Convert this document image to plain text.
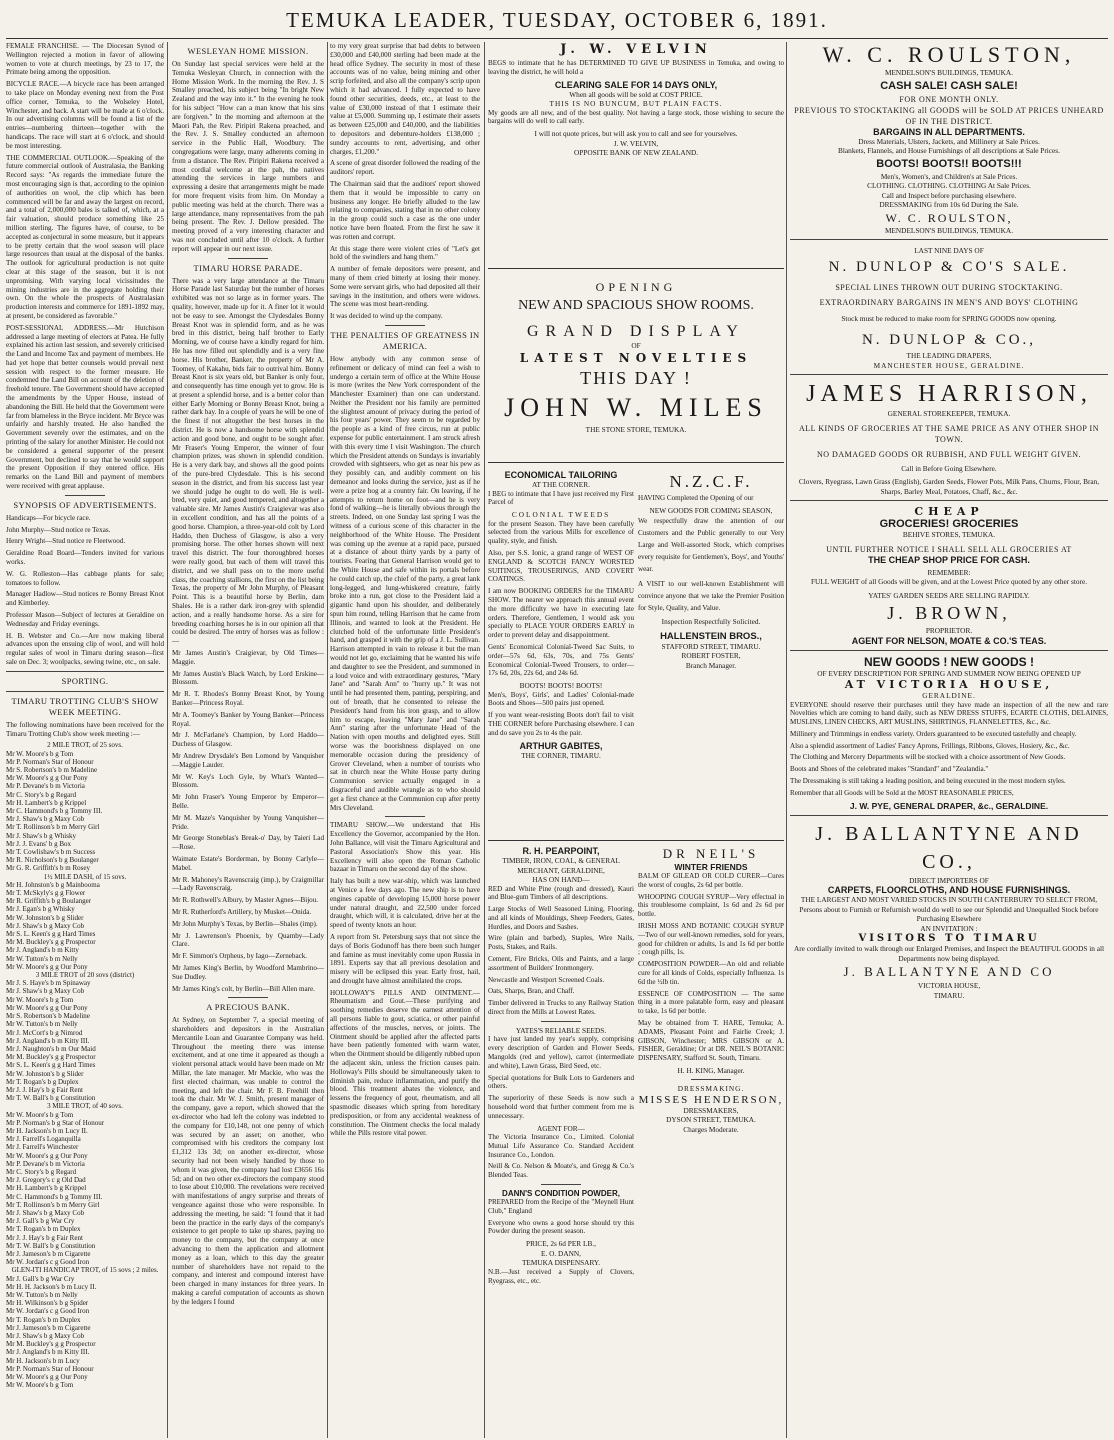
TEMUKA LEADER, TUESDAY, OCTOBER 6, 1891.

FEMALE FRANCHISE. — The Diocesan Synod of Wellington rejected a motion in favor of allowing women to vote at church meetings, by 23 to 17, the Primate being among the opposition.

BICYCLE RACE.—A bicycle race has been arranged to take place on Monday evening next from the Post office corner, Temuka, to the Wolseley Hotel, Winchester, and back. A start will be made at 6 o'clock. In our advertising columns will be found a list of the entries—numbering thirteen—together with the handicaps. The race will start at 6 o'clock, and should be most interesting.

THE COMMERCIAL OUTLOOK.—Speaking of the future commercial outlook of Australasia, the Banking Record says: "As regards the immediate future the most encouraging sign is that, according to the opinion of authorities on wool, the clip which has been commenced will be far and away the largest on record, and a total of 2,000,000 bales is talked of, which, at a fair valuation, should produce something like 25 million sterling. The figures have, of course, to be accepted as conjectural in some measure, but it appears to be pretty certain that the wool season will place large resources than usual at the disposal of the banks. The outlook for agricultural production is not quite clear at this stage of the season, but it is not unpromising. With varying local vicissitudes the mining industries are in the aggregate holding their own. On the whole the prospects of Australasian production interests and commerce for 1891-1892 may, at present, be considered as favorable."

POST-SESSIONAL ADDRESS.—Mr Hutchison addressed a large meeting of electors at Patea. He fully explained his action last session, and severely criticised the Land and Income Tax and payment of members. He had yet hope that better counsels would prevail next session with respect to the former measure. He condemned the Land Bill on account of the deletion of freehold tenure. The Government should have accepted the amendments by the Upper House, instead of abandoning the Bill. He held that the Government were far from blameless in the Bryce incident. Mr Bryce was unfairly and harshly treated. He also handled the Government severely over the estimates, and on the printing of the salary for another Minister. He could not be considered a general supporter of the present Government, but declined to say that he would support the present Opposition if they entered office. His remarks on the Land Bill and payment of members were received with great applause.

SYNOPSIS OF ADVERTISEMENTS.

Handicaps—For bicycle race.

John Murphy—Stud notice re Texas.

Henry Wright—Stud notice re Fleetwood.

Geraldine Road Board—Tenders invited for various works.

W. G. Rolleston—Has cabbage plants for sale; tomatoes to follow.

Manager Hadlow—Stud notices re Bonny Breast Knot and Kimberley.

Professor Mason—Subject of lectures at Geraldine on Wednesday and Friday evenings.

H. B. Webster and Co.—Are now making liberal advances upon the ensuing clip of wool, and will hold regular sales of wool in Timaru during season—first sale on Dec. 3; woolpacks, sewing twine, etc., on sale.

SPORTING.
TIMARU TROTTING CLUB'S SHOW WEEK MEETING.

The following nominations have been received for the Timaru Trotting Club's show week meeting :—

2 MILE TROT, of 25 sovs.

Mr W. Moore's b g Tom

Mr P. Norman's Star of Honour

Mr S. Robertson's b m Madeline

Mr W. Moore's g g Our Pony

Mr P. Devane's b m Victoria

Mr C. Story's b g Regard

Mr H. Lambert's b g Krippel

Mr C. Hammond's b g Tommy III.

Mr J. Shaw's b g Maxy Cob

Mr T. Rollinson's b m Merry Girl

Mr J. Shaw's b g Whisky

Mr J. J. Evans' b g Box

Mr T. Cowlishaw's b m Success

Mr R. Nicholson's b g Boulanger

Mr G. R. Griffith's b m Rosey

1½ MILE DASH, of 15 sovs.

Mr H. Johnston's b g Mainbooma

Mr T. McSkyly's g g Flower

Mr R. Griffith's b g Boulanger

Mr J. Egan's b g Whisky

Mr W. Johnston's b g Slider

Mr J. Shaw's b g Maxy Cob

Mr S. L. Keen's g g Hard Times

Mr M. Buckley's g g Prospector

Mr J. Angland's b m Kitty

Mr W. Tutton's b m Nelly

Mr W. Moore's g g Our Pony

3 MILE TROT of 20 sovs (district)

Mr J. S. Haye's b m Spinaway

Mr J. Shaw's b g Maxy Cob

Mr W. Moore's b g Tom

Mr W. Moore's g g Our Pony

Mr S. Robertson's b Madeline

Mr W. Tutton's b m Nelly

Mr J. McCort's b g Nimrod

Mr J. Angland's b m Kitty III.

Mr J. Naughton's b m Our Maid

Mr M. Buckley's g g Prospector

Mr S. L. Keen's g g Hard Times

Mr W. Johnston's b g Slider

Mr T. Rogan's b g Duplex

Mr J. J. Hay's b g Fair Rent

Mr T. W. Ball's b g Constitution

3 MILE TROT, of 40 sovs.

Mr W. Moore's b g Tom

Mr P. Norman's b g Star of Honour

Mr H. Jackson's b m Lucy II.

Mr J. Farrell's Loganquilla

Mr J. Farrell's Winchester

Mr W. Moore's g g Our Pony

Mr P. Devane's b m Victoria

Mr C. Story's b g Regard

Mr J. Gregory's c g Old Dad

Mr H. Lambert's b g Krippel

Mr C. Hammond's b g Tommy III.

Mr T. Rollinson's b m Merry Girl

Mr J. Shaw's b g Maxy Cob

Mr J. Gall's b g War Cry

Mr T. Rogan's b m Duplex

Mr J. J. Hay's b g Fair Rent

Mr T. W. Ball's b g Constitution

Mr J. Jameson's b m Cigarette

Mr W. Jordan's c g Good Iron

GLEN-ITI HANDICAP TROT, of 15 sovs ; 2 miles.

Mr J. Gall's b g War Cry

Mr H. H. Jackson's b m Lucy II.

Mr W. Tutton's b m Nelly

Mr H. Wilkinson's b g Spider

Mr W. Jordan's c g Good Iron

Mr T. Rogan's b m Duplex

Mr J. Jameson's b m Cigarette

Mr J. Shaw's b g Maxy Cob

Mr M. Buckley's g g Prospector

Mr J. Angland's b m Kitty III.

Mr H. Jackson's b m Lucy

Mr P. Norman's Star of Honour

Mr W. Moore's g g Our Pony

Mr W. Moore's b g Tom

WESLEYAN HOME MISSION.

On Sunday last special services were held at the Temuka Wesleyan Church, in connection with the Home Mission Work. In the morning the Rev. J. S Smalley preached, his subject being "In bright New Zealand and the way into it." In the evening he took for his subject "How can a man know that his sins are forgiven." In the morning and afternoon at the Maori Pah, the Rev. Piripiri Rakena preached, and the Rev. J. S. Smalley conducted an afternoon service in the Public Hall, Woodbury. The congregations were large, many adherents coming in from a distance. The Rev. Piripiri Rakena received a most cordial welcome at the pah, the natives attending the services in large numbers and expressing a desire that arrangements might be made for more frequent visits from him. On Monday a public meeting was held at the church. There was a large attendance, many representatives from the pah being present. The Rev. J. Dellow presided. The meeting proved of a very interesting character and was not concluded until after 10 o'clock. A further report will appear in our next issue.

TIMARU HORSE PARADE.

There was a very large attendance at the Timaru Horse Parade last Saturday but the number of horses exhibited was not so large as in former years. The quality, however, made up for it. A finer lot it would not be easy to see. Amongst the Clydesdales Bonny Breast Knot was in splendid form, and as he was bred in this district, being half brother to Early Morning, we of course have a kindly regard for him. He has now filled out splendidly and is a very fine horse. His brother, Banker, the property of Mr A. Toomey, of Kakahu, bids fair to outrival him. Bonny Breast Knot is six years old, but Banker is only four, and consequently has time enough yet to grow. He is at present a splendid horse, and is a better color than either Early Morning or Bonny Breast Knot, being a rather dark bay. In a couple of years he will be one of the finest if not altogether the best horses in the district. He is now a handsome horse with splendid action and good bone, and ought to be sought after. Mr Fraser's Young Emperor, the winner of four champion prizes, was shown in splendid condition. He is a very dark bay, and shows all the good points of the pure-bred Clydesdale. This is his second season in the district, and from his success last year we should judge he ought to do well. He is well-bred, very quiet, and good tempered, and altogether a valuable sire. Mr James Austin's Craigievar was also in excellent condition, and has all the points of a good horse. Champion, a three-year-old colt by Lord Haddo, then Duchess of Glasgow, is also a very promising horse. The other horses shown will next travel this district. The four thoroughbred horses were really good, but each of them will travel this district, and we shall pass on to the more useful class, the coaching stallions, the first on the list being Texas, the property of Mr John Murphy, of Pleasant Point. This is a beautiful horse by Berlin, dam Shales. He is a rather dark iron-grey with splendid action, and a really handsome horse. As a sire for breeding coaching horses he is in our opinion all that could be desired. The entry of horses was as follow :—

Mr James Austin's Craigievar, by Old Times—Maggie.

Mr James Austin's Black Watch, by Lord Erskine—Blossom.

Mr R. T. Rhodes's Bonny Breast Knot, by Young Banker—Princess Royal.

Mr A. Toomey's Banker by Young Banker—Princess Royal.

Mr J. McFarlane's Champion, by Lord Haddo—Duchess of Glasgow.

Mr Andrew Drysdale's Ben Lomond by Vanquisher—Maggie Lauder.

Mr W. Key's Loch Gyle, by What's Wanted—Blossom.

Mr John Fraser's Young Emperor by Emperor—Belle.

Mr M. Maze's Vanquisher by Young Vanquisher—Pride.

Mr George Stoneblas's Break-o' Day, by Taieri Lad—Rose.

Waimate Estate's Borderman, by Bonny Carlyle—Mabel.

Mr R. Mahoney's Ravenscraig (imp.), by Craigmillar—Lady Ravenscraig.

Mr R. Rothwell's Albury, by Master Agnes—Bijou.

Mr R. Rutherford's Artillery, by Musket—Onida.

Mr John Murphy's Texas, by Berlin—Shales (imp).

Mr J. Lawrenson's Phoenix, by Quamby—Lady Clare.

Mr F. Simmon's Orpheus, by Iago—Zerneback.

Mr James King's Berlin, by Woodford Mambrino—Sue Dudley.

Mr James King's colt, by Berlin—Bill Allen mare.

A PRECIOUS BANK.

At Sydney, on September 7, a special meeting of shareholders and depositors in the Australian Mercantile Loan and Guarantee Company was held. Throughout the meeting there was intense excitement, and at one time it appeared as though a violent personal attack would have been made on Mr Millar, the late manager. Mr Mackie, who was the first elected chairman, was unable to control the meeting, and left the chair. Mr F. B. Freehill then took the chair. Mr W. J. Smith, present manager of the company, gave a report, which showed that the ex-director who had left the colony was indebted to the company for £10,148, not one penny of which was secured by an asset; on another, who compromised with his creditors the company lost £1,312 13s 3d; on another ex-director, whose security had not been wisely handled by those to whom it was given, the company had lost £3656 16s 5d; and on two other ex-directors the company stood to lose about £10,000. The revelations were received with manifestations of angry surprise and threats of vengeance against those who were responsible. In addressing the meeting, he said: "I found that it had been the practice in the early days of the company's existence to get people to take up shares, paying no money to the company, but the company at once advancing to them the application and allotment money as a loan, which to this day the greater number of shareholders have not repaid to the company, and interest and compound interest have been charged in many instances for three years. In making a careful computation of accounts as shown by the ledgers I found

to my very great surprise that bad debts to between £30,000 and £40,000 sterling had been made at the head office Sydney. The security in most of these accounts was of no value, being mining and other scrip forfeited, and also all the company's scrip upon which it had advanced. I fully expected to have found other securities, deeds, etc., at least to the value of £30,000 instead of that I estimate their value at £5,000. Summing up, I estimate their assets as between £25,000 and £40,000, and the liabilities to depositors and debenture-holders £138,000 ; sundry accounts to rent, advertising, and other charges, £1,200."

A scene of great disorder followed the reading of the auditors' report.

The Chairman said that the auditors' report showed them that it would be impossible to carry on business any longer. He briefly alluded to the law relating to companies, stating that in no other colony in the group could such a case as the one under notice have been floated. From the first he saw it was rotten and corrupt.

At this stage there were violent cries of "Let's get hold of the swindlers and hang them."

A number of female depositors were present, and many of them cried bitterly at losing their money. Some were servant girls, who had deposited all their savings in the institution, and others were widows. The scene was most heart-rending.

It was decided to wind up the company.

THE PENALTIES OF GREATNESS IN AMERICA.

How anybody with any common sense of refinement or delicacy of mind can feel a wish to undergo a certain term of office at the White House is more (writes the New York correspondent of the Manchester Examiner) than one can understand. Neither the President nor his family are permitted the slightest amount of privacy during the period of his four years' power. They seem to be regarded by the people as a kind of free circus, run at public expense for public entertainment. I am struck afresh with this every time I visit Washington. The church which the President attends on Sundays is invariably crowded with sightseers, who get as near his pew as they possibly can, and audibly comment on his demeanor and looks during the service, just as if he were a prize hog at a country fair. On leaving, if he attempts to return home on foot—and he is very fond of walking—he is literally obvious through the streets. Indeed, on one Sunday last spring I was the witness of a curious scene of this character in the neighborhood of the White House. The President was coming up the avenue at a rapid pace, pursued at a distance of about thirty yards by a party of tourists. Fearing that General Harrison would get to the White House and safe within its portals before he could catch up, the chief of the party, a great lank long-legged, and lung-whiskered creature, fairly broke into a run, got close to the President laid a gigantic hand upon his shoulder, and deliberately spun him round, telling Harrison that he came from Illinois, and wanted to look at the President. He clutched hold of the unfortunate little President's hand, and grasped it with the grip of a J. L. Sullivan. Harrison attempted in vain to release it but the man would not let go, exclaiming that he wanted his wife and daughter to see the President, and summoned in a loud voice and with extraordinary gestures, "Mary Jane" and "Sarah Ann" to "hurry up." It was not until he had presented them, panting, perspiring, and out of breath, that he consented to release the President's hand from his iron grasp, and to allow him to escape, leaving "Mary Jane" and "Sarah Ann" staring after the unfortunate Head of the Nation with open mouths and delighted eyes. Still worse was the boorishness displayed on one memorable occasion during the presidency of Grover Cleveland, when a number of tourists who sat in church near the White House party during Communion service actually engaged in a disgraceful and audible wrangle as to who should get a first chance at the Communion cup after pretty Mrs Cleveland.

TIMARU SHOW.—We understand that His Excellency the Governor, accompanied by the Hon. John Ballance, will visit the Timaru Agricultural and Pastoral Association's Show this year. His Excellency will also open the Roman Catholic bazaar in Timaru on the second day of the show.

Italy has built a new war-ship, which was launched at Venice a few days ago. The new ship is to have engines capable of developing 15,000 horse power under natural draught, and 22,500 under forced draught, which will, it is calculated, drive her at the speed of twenty knots an hour.

A report from St. Petersburg says that not since the days of Boris Godunoff has there been such hunger and famine as must inevitably come upon Russia in 1891. Experts say that all previous desolation and misery will be eclipsed this year. Early frost, hail, and drought have almost annihilated the crops.

HOLLOWAY'S PILLS AND OINTMENT.—Rheumatism and Gout.—These purifying and soothing remedies deserve the earnest attention of all persons liable to gout, sciatica, or other painful affections of the muscles, nerves, or joints. The Ointment should be applied after the affected parts have been patiently fomented with warm water, when the Ointment should be diligently rubbed upon the adjacent skin, unless the friction causes pain. Holloway's Pills should be simultaneously taken to diminish pain, reduce inflammation, and purify the blood. This treatment abates the violence, and lessens the frequency of gout, rheumatism, and all spasmodic diseases which spring from hereditary predisposition, or from any accidental weakness of constitution. The Ointment checks the local malady while the Pills restore vital power.

J. W. VELVIN

BEGS to intimate that he has DETERMINED TO GIVE UP BUSINESS in Temuka, and owing to leaving the district, he will hold a

CLEARING SALE FOR 14 DAYS ONLY,
When all goods will be sold at COST PRICE.
THIS IS NO BUNCUM, BUT PLAIN FACTS.

My goods are all new, and of the best quality. Not having a large stock, those wishing to secure the bargains will do well to call early.

I will not quote prices, but will ask you to call and see for yourselves.
J. W. VELVIN,
OPPOSITE BANK OF NEW ZEALAND.
OPENING
NEW AND SPACIOUS SHOW ROOMS.
GRAND DISPLAY
OF
LATEST NOVELTIES
THIS DAY !
JOHN W. MILES
THE STONE STORE, TEMUKA.
ECONOMICAL TAILORING
AT THE CORNER.

I BEG to intimate that I have just received my First Parcel of

COLONIAL TWEEDS

for the present Season. They have been carefully selected from the various Mills for excellence of quality, style, and finish.

Also, per S.S. Ionic, a grand range of WEST OF ENGLAND & SCOTCH FANCY WORSTED SUITINGS, TROUSERINGS, AND COVERT COATINGS.

I am now BOOKING ORDERS for the TIMARU SHOW. The nearer we approach this annual event the more difficulty we have in executing late orders. Therefore, Gentlemen, I would ask you specially to PLACE YOUR ORDERS EARLY in order to prevent delay and disappointment.

Gents' Economical Colonial-Tweed Sac Suits, to order—57s 6d, 63s, 70s, and 75s Gents' Economical Colonial-Tweed Trousers, to order—17s 6d, 20s, 22s 6d, and 24s 6d.

BOOTS! BOOTS! BOOTS!

Men's, Boys', Girls', and Ladies' Colonial-made Boots and Shoes—500 pairs just opened.

If you want wear-resisting Boots don't fail to visit THE CORNER before Purchasing elsewhere. I can and do save you 2s to 4s the pair.

ARTHUR GABITES,
THE CORNER, TIMARU.
N.Z.C.F.

HAVING Completed the Opening of our

NEW GOODS FOR COMING SEASON,

We respectfully draw the attention of our Customers and the Public generally to our Very Large and Well-assorted Stock, which comprises every requisite for Gentlemen's, Boys', and Youths' wear.

A VISIT to our well-known Establishment will convince anyone that we take the Premier Position for Style, Quality, and Value.

Inspection Respectfully Solicited.
HALLENSTEIN BROS.,
STAFFORD STREET, TIMARU.
ROBERT FOSTER,
Branch Manager.
R. H. PEARPOINT,
TIMBER, IRON, COAL, & GENERAL MERCHANT, GERALDINE,
HAS ON HAND—

RED and White Pine (rough and dressed), Kauri and Blue-gum Timbers of all descriptions.

Large Stocks of Well Seasoned Lining, Flooring, and all kinds of Mouldings, Sheep Feeders, Gates, Hurdles, and Doors and Sashes.

Wire (plain and barbed), Staples, Wire Nails, Posts, Stakes, and Rails.

Cement, Fire Bricks, Oils and Paints, and a large assortment of Builders' Ironmongery.

Newcastle and Westport Screened Coals.

Oats, Sharps, Bran, and Chaff.

Timber delivered in Trucks to any Railway Station direct from the Mills at Lowest Rates.

YATES'S RELIABLE SEEDS.

I have just landed my year's supply, comprising every description of Garden and Flower Seeds, Mangolds (red and yellow), carrot (intermediate and white), Lawn Grass, Bird Seed, etc.

Special quotations for Bulk Lots to Gardeners and others.

The superiority of these Seeds is now such a household word that further comment from me is unnecessary.

AGENT FOR—

The Victoria Insurance Co., Limited. Colonial Mutual Life Assurance Co. Standard Accident Insurance Co., London.

Neill & Co. Nelson & Moate's, and Gregg & Co.'s Blended Teas.

DANN'S CONDITION POWDER,

PREPARED from the Recipe of the "Meynell Hunt Club," England

Everyone who owns a good horse should try this Powder during the present season.

PRICE, 2s 6d PER LB.,
E. O. DANN,
TEMUKA DISPENSARY.

N.B.—Just received a Supply of Clovers, Ryegrass, etc., etc.

DR NEIL'S
WINTER FRIENDS

BALM OF GILEAD OR COLD CURER—Cures the worst of coughs, 2s 6d per bottle.

WHOOPING COUGH SYRUP—Very effectual in this troublesome complaint, 1s 6d and 2s 6d per bottle.

IRISH MOSS AND BOTANIC COUGH SYRUP—Two of our well-known remedies, sold for years, good for children or adults, 1s and 1s 6d per bottle ; cough pills, 1s.

COMPOSITION POWDER—An old and reliable cure for all kinds of Colds, especially Influenza. 1s 6d the ½lb tin.

ESSENCE OF COMPOSITION — The same thing in a more palatable form, easy and pleasant to take, 1s 6d per bottle.

May be obtained from T. HARE, Temuka; A. ADAMS, Pleasant Point and Fairlie Creek; J. GIBSON, Winchester; MRS GIBSON or A. FISHER, Geraldine; Or at DR. NEIL'S BOTANIC DISPENSARY, Stafford St. South, Timaru.

H. H. KING, Manager.
DRESSMAKING.
MISSES HENDERSON,
DRESSMAKERS,
DYSON STREET, TEMUKA.
Charges Moderate.
W. C. ROULSTON,
MENDELSON'S BUILDINGS, TEMUKA.
CASH SALE! CASH SALE!
FOR ONE MONTH ONLY.
PREVIOUS TO STOCKTAKING all GOODS will be SOLD AT PRICES UNHEARD OF IN THE DISTRICT.
BARGAINS IN ALL DEPARTMENTS.
Dress Materials, Ulsters, Jackets, and Millinery at Sale Prices.
Blankets, Flannels, and House Furnishings of all descriptions at Sale Prices.
BOOTS! BOOTS!! BOOTS!!!
Men's, Women's, and Children's at Sale Prices.
CLOTHING. CLOTHING. CLOTHING At Sale Prices.
Call and Inspect before purchasing elsewhere.
DRESSMAKING from 10s 6d During the Sale.
W. C. ROULSTON,
MENDELSON'S BUILDINGS, TEMUKA.
LAST NINE DAYS OF
N. DUNLOP & CO'S SALE.
SPECIAL LINES THROWN OUT DURING STOCKTAKING.
EXTRAORDINARY BARGAINS IN MEN'S AND BOYS' CLOTHING
Stock must be reduced to make room for SPRING GOODS now opening.
N. DUNLOP & CO.,
THE LEADING DRAPERS,
MANCHESTER HOUSE, GERALDINE.
JAMES HARRISON,
GENERAL STOREKEEPER, TEMUKA.
ALL KINDS OF GROCERIES AT THE SAME PRICE AS ANY OTHER SHOP IN TOWN.
NO DAMAGED GOODS OR RUBBISH, AND FULL WEIGHT GIVEN.
Call in Before Going Elsewhere.
Clovers, Ryegrass, Lawn Grass (English), Garden Seeds, Flower Pots, Milk Pans, Churns, Flour, Bran, Sharps, Barley Meal, Potatoes, Chaff, &c., &c.
CHEAP
GROCERIES! GROCERIES
BEHIVE STORES, TEMUKA.
UNTIL FURTHER NOTICE I SHALL SELL ALL GROCERIES AT
THE CHEAP SHOP PRICE FOR CASH.
REMEMBER:
FULL WEIGHT of all Goods will be given, and at the Lowest Price quoted by any other store.
YATES' GARDEN SEEDS ARE SELLING RAPIDLY.
J. BROWN,
PROPRIETOR.
AGENT FOR NELSON, MOATE & CO.'S TEAS.
NEW GOODS ! NEW GOODS !
OF EVERY DESCRIPTION FOR SPRING AND SUMMER NOW BEING OPENED UP
AT VICTORIA HOUSE,
GERALDINE.

EVERYONE should reserve their purchases until they have made an inspection of all the new and rare Novelties which are coming to hand daily, such as NEW DRESS STUFFS, ECARTE CLOTHS, DELAINES, MUSLINS, LINEN CHECKS, ART MUSLINS, SHIRTINGS, FLANNELETTES, &c., &c.

Millinery and Trimmings in endless variety. Orders guaranteed to be executed tastefully and cheaply.

Also a splendid assortment of Ladies' Fancy Aprons, Frillings, Ribbons, Gloves, Hosiery, &c., &c.

The Clothing and Mercery Departments will be stocked with a choice assortment of New Goods.

Boots and Shoes of the celebrated makes "Standard" and "Zealandia."

The Dressmaking is still taking a leading position, and being executed in the most modern styles.

Remember that all Goods will be Sold at the MOST REASONABLE PRICES,

J. W. PYE, GENERAL DRAPER, &c., GERALDINE.
J. BALLANTYNE AND CO.,
DIRECT IMPORTERS OF
CARPETS, FLOORCLOTHS, AND HOUSE FURNISHINGS.
THE LARGEST AND MOST VARIED STOCKS IN SOUTH CANTERBURY TO SELECT FROM,
Persons about to Furnish or Refurnish would do well to see our Splendid and Unequalled Stock before Purchasing Elsewhere
AN INVITATION :
VISITORS TO TIMARU
Are cordially invited to walk through our Enlarged Premises, and Inspect the BEAUTIFUL GOODS in all Departments now being displayed.
J. BALLANTYNE AND CO
VICTORIA HOUSE,
TIMARU.
